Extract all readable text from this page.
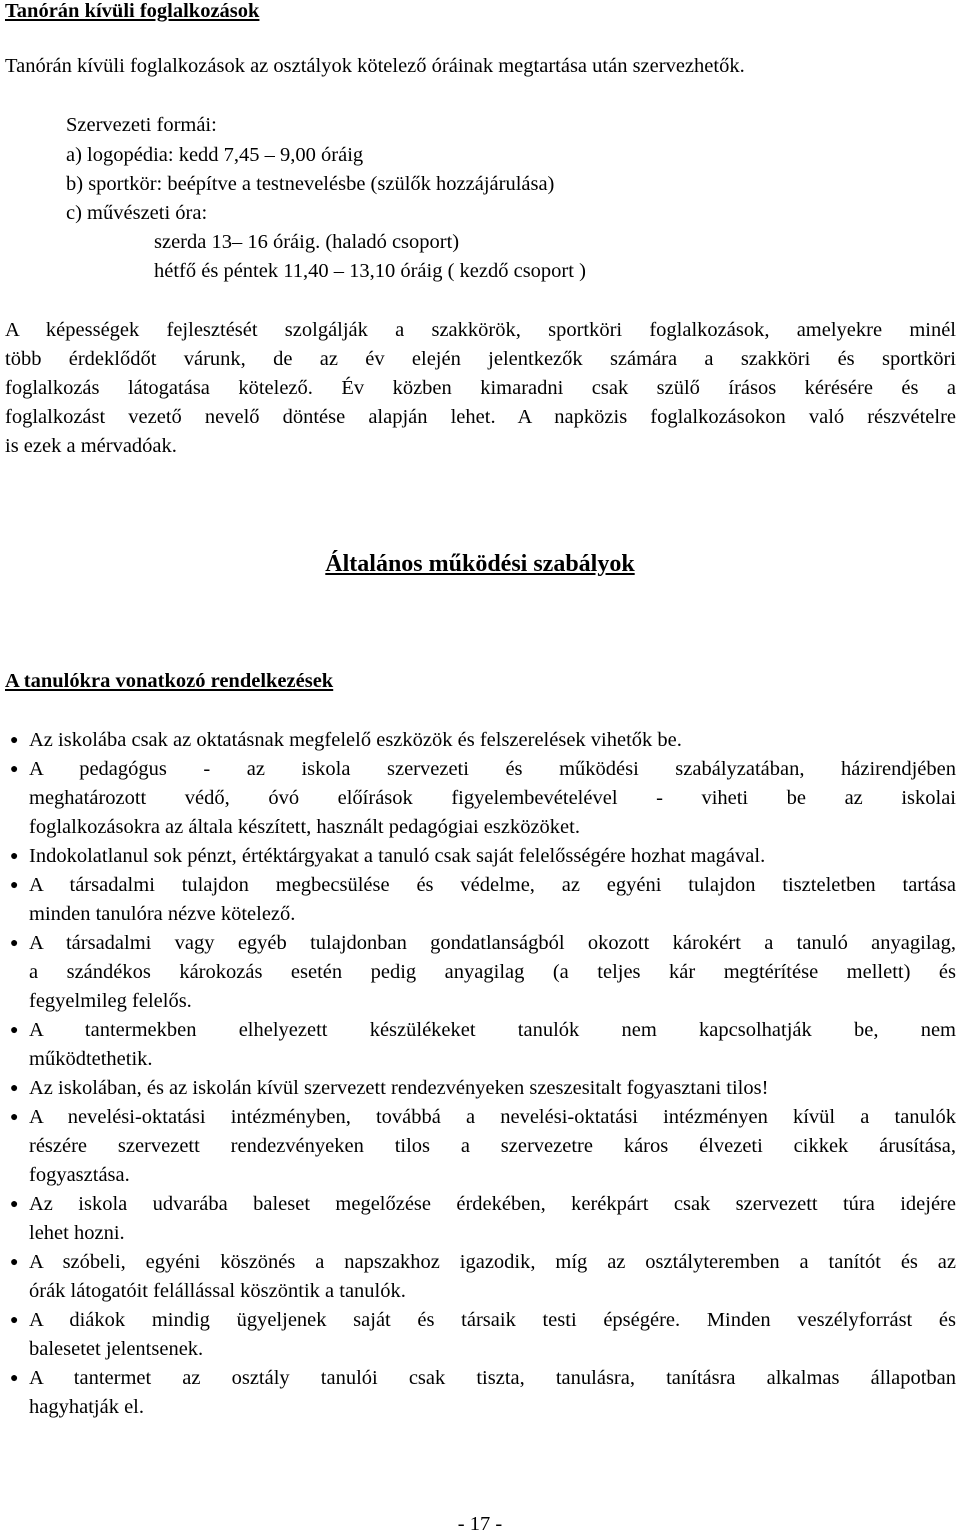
Tanórán kívüli foglalkozások
Tanórán kívüli foglalkozások az osztályok kötelező óráinak megtartása után szervezhetők.
Szervezeti formái:
a) logopédia: kedd 7,45 – 9,00 óráig
b) sportkör: beépítve a testnevelésbe (szülők hozzájárulása)
c) művészeti óra:
szerda 13– 16 óráig. (haladó csoport)
hétfő és péntek 11,40 – 13,10 óráig ( kezdő csoport )
A képességek fejlesztését szolgálják a szakkörök, sportköri foglalkozások, amelyekre minél
több érdeklődőt várunk, de az év elején jelentkezők számára a szakköri és sportköri
foglalkozás látogatása kötelező. Év közben kimaradni csak szülő írásos kérésére és a
foglalkozást vezető nevelő döntése alapján lehet. A napközis foglalkozásokon való részvételre
is ezek a mérvadóak.
Általános működési szabályok
A tanulókra vonatkozó rendelkezések
● Az iskolába csak az oktatásnak megfelelő eszközök és felszerelések vihetők be.
● A pedagógus - az iskola szervezeti és működési szabályzatában, házirendjében
meghatározott védő, óvó előírások figyelembevételével - viheti be az iskolai
foglalkozásokra az általa készített, használt pedagógiai eszközöket.
● Indokolatlanul sok pénzt, értéktárgyakat a tanuló csak saját felelősségére hozhat magával.
● A társadalmi tulajdon megbecsülése és védelme, az egyéni tulajdon tiszteletben tartása
minden tanulóra nézve kötelező.
● A társadalmi vagy egyéb tulajdonban gondatlanságból okozott károkért a tanuló anyagilag,
a szándékos károkozás esetén pedig anyagilag (a teljes kár megtérítése mellett) és
fegyelmileg felelős.
● A tantermekben elhelyezett készülékeket tanulók nem kapcsolhatják be, nem
működtethetik.
● Az iskolában, és az iskolán kívül szervezett rendezvényeken szeszesitalt fogyasztani tilos!
● A nevelési-oktatási intézményben, továbbá a nevelési-oktatási intézményen kívül a tanulók
részére szervezett rendezvényeken tilos a szervezetre káros élvezeti cikkek árusítása,
fogyasztása.
● Az iskola udvarába baleset megelőzése érdekében, kerékpárt csak szervezett túra idejére
lehet hozni.
● A szóbeli, egyéni köszönés a napszakhoz igazodik, míg az osztályteremben a tanítót és az
órák látogatóit felállással köszöntik a tanulók.
● A diákok mindig ügyeljenek saját és társaik testi épségére. Minden veszélyforrást és
balesetet jelentsenek.
● A tantermet az osztály tanulói csak tiszta, tanulásra, tanításra alkalmas állapotban
hagyhatják el.
- 17 -
